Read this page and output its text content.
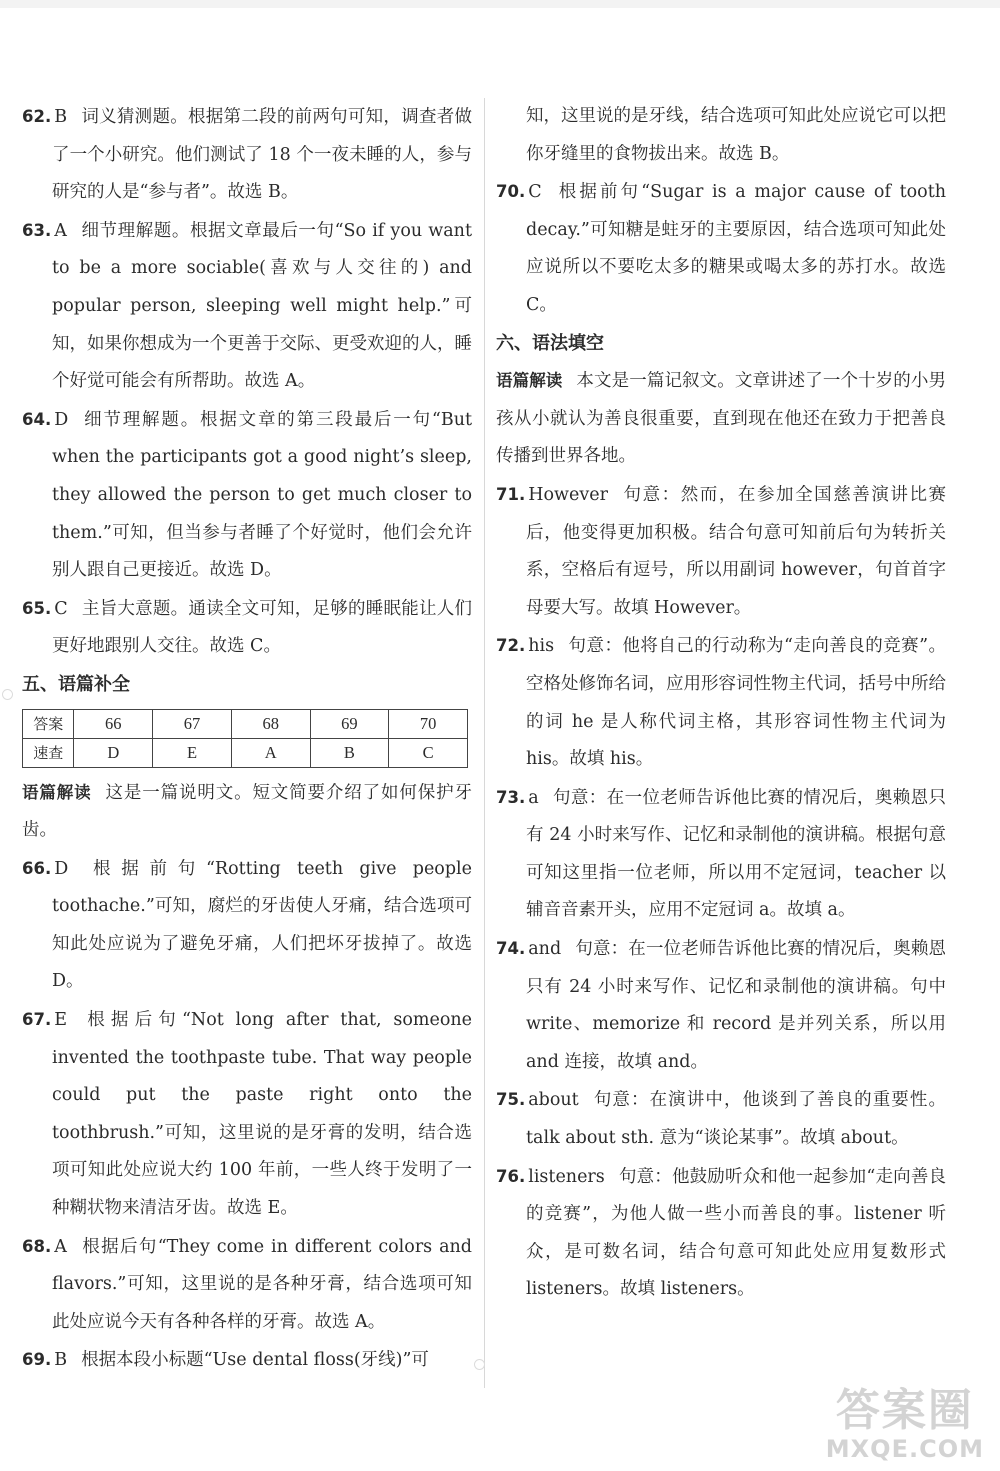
62. B 词义猜测题。根据第二段的前两句可知，调查者做了一个小研究。他们测试了 18 个一夜未睡的人，参与研究的人是“参与者”。故选 B。

63. A 细节理解题。根据文章最后一句“So if you want to be a more sociable(喜欢与人交往的) and popular person, sleeping well might help.”可知，如果你想成为一个更善于交际、更受欢迎的人，睡个好觉可能会有所帮助。故选 A。

64. D 细节理解题。根据文章的第三段最后一句“But when the participants got a good night’s sleep, they allowed the person to get much closer to them.”可知，但当参与者睡了个好觉时，他们会允许别人跟自己更接近。故选 D。

65. C 主旨大意题。通读全文可知，足够的睡眠能让人们更好地跟别人交往。故选 C。

五、语篇补全

答案	66	67	68	69	70
速查	D	E	A	B	C

语篇解读 这是一篇说明文。短文简要介绍了如何保护牙齿。

66. D 根据前句“Rotting teeth give people toothache.”可知，腐烂的牙齿使人牙痛，结合选项可知此处应说为了避免牙痛，人们把坏牙拔掉了。故选 D。

67. E 根据后句“Not long after that, someone invented the toothpaste tube. That way people could put the paste right onto the toothbrush.”可知，这里说的是牙膏的发明，结合选项可知此处应说大约 100 年前，一些人终于发明了一种糊状物来清洁牙齿。故选 E。

68. A 根据后句“They come in different colors and flavors.”可知，这里说的是各种牙膏，结合选项可知此处应说今天有各种各样的牙膏。故选 A。

69. B 根据本段小标题“Use dental floss(牙线)”可

知，这里说的是牙线，结合选项可知此处应说它可以把你牙缝里的食物拔出来。故选 B。

70. C 根据前句“Sugar is a major cause of tooth decay.”可知糖是蛀牙的主要原因，结合选项可知此处应说所以不要吃太多的糖果或喝太多的苏打水。故选 C。

六、语法填空

语篇解读 本文是一篇记叙文。文章讲述了一个十岁的小男孩从小就认为善良很重要，直到现在他还在致力于把善良传播到世界各地。

71. However 句意：然而，在参加全国慈善演讲比赛后，他变得更加积极。结合句意可知前后句为转折关系，空格后有逗号，所以用副词 however，句首首字母要大写。故填 However。

72. his 句意：他将自己的行动称为“走向善良的竞赛”。空格处修饰名词，应用形容词性物主代词，括号中所给的词 he 是人称代词主格，其形容词性物主代词为 his。故填 his。

73. a 句意：在一位老师告诉他比赛的情况后，奥赖恩只有 24 小时来写作、记忆和录制他的演讲稿。根据句意可知这里指一位老师，所以用不定冠词，teacher 以辅音音素开头，应用不定冠词 a。故填 a。

74. and 句意：在一位老师告诉他比赛的情况后，奥赖恩只有 24 小时来写作、记忆和录制他的演讲稿。句中 write、memorize 和 record 是并列关系，所以用 and 连接，故填 and。

75. about 句意：在演讲中，他谈到了善良的重要性。talk about sth. 意为“谈论某事”。故填 about。

76. listeners 句意：他鼓励听众和他一起参加“走向善良的竞赛”，为他人做一些小而善良的事。listener 听众，是可数名词，结合句意可知此处应用复数形式 listeners。故填 listeners。

答案圈
MXQE.COM
